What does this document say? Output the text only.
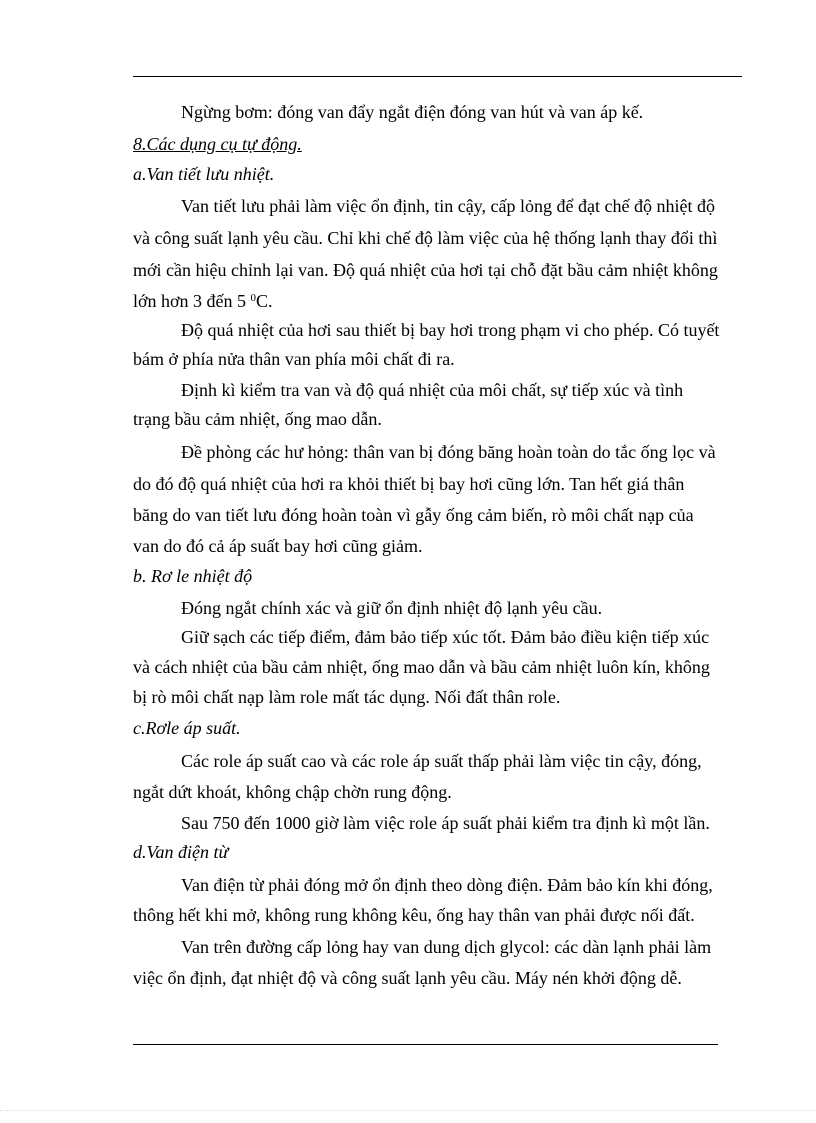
Ngừng bơm: đóng van đẩy ngắt điện đóng van hút và van áp kế.
8.Các dụng cụ tự động.
a.Van tiết lưu nhiệt.
Van tiết lưu phải làm việc ổn định, tin cậy, cấp lỏng để đạt chế độ nhiệt độ
và công suất lạnh yêu cầu. Chỉ khi chế độ làm việc của hệ thống lạnh thay đổi thì
mới cần hiệu chỉnh lại van. Độ quá nhiệt của hơi tại chỗ đặt bầu cảm nhiệt không
lớn hơn 3 đến 5 $^0$C.
Độ quá nhiệt của hơi sau thiết bị bay hơi trong phạm vi cho phép. Có tuyết
bám ở phía nửa thân van phía môi chất đi ra.
Định kì kiểm tra van và độ quá nhiệt của môi chất, sự tiếp xúc và tình
trạng bầu cảm nhiệt, ống mao dẫn.
Đề phòng các hư hỏng: thân van bị đóng băng hoàn toàn do tắc ống lọc và
do đó độ quá nhiệt của hơi ra khỏi thiết bị bay hơi cũng lớn. Tan hết giá thân
băng do van tiết lưu đóng hoàn toàn vì gẫy ống cảm biến, rò môi chất nạp của
van do đó cả áp suất bay hơi cũng giảm.
b. Rơ le nhiệt độ
Đóng ngắt chính xác và giữ ổn định nhiệt độ lạnh yêu cầu.
Giữ sạch các tiếp điểm, đảm bảo tiếp xúc tốt. Đảm bảo điều kiện tiếp xúc
và cách nhiệt của bầu cảm nhiệt, ống mao dẫn và bầu cảm nhiệt luôn kín, không
bị rò môi chất nạp làm role mất tác dụng. Nối đất thân role.
c.Rơle áp suất.
Các role áp suất cao và các role áp suất thấp phải làm việc tin cậy, đóng,
ngắt dứt khoát, không chập chờn rung động.
Sau 750 đến 1000 giờ làm việc role áp suất phải kiểm tra định kì một lần.
d.Van điện từ
Van điện từ phải đóng mở ổn định theo dòng điện. Đảm bảo kín khi đóng,
thông hết khi mở, không rung không kêu, ống hay thân van phải được nối đất.
Van trên đường cấp lỏng hay van dung dịch glycol: các dàn lạnh phải làm
việc ổn định, đạt nhiệt độ và công suất lạnh yêu cầu. Máy nén khởi động dễ.
